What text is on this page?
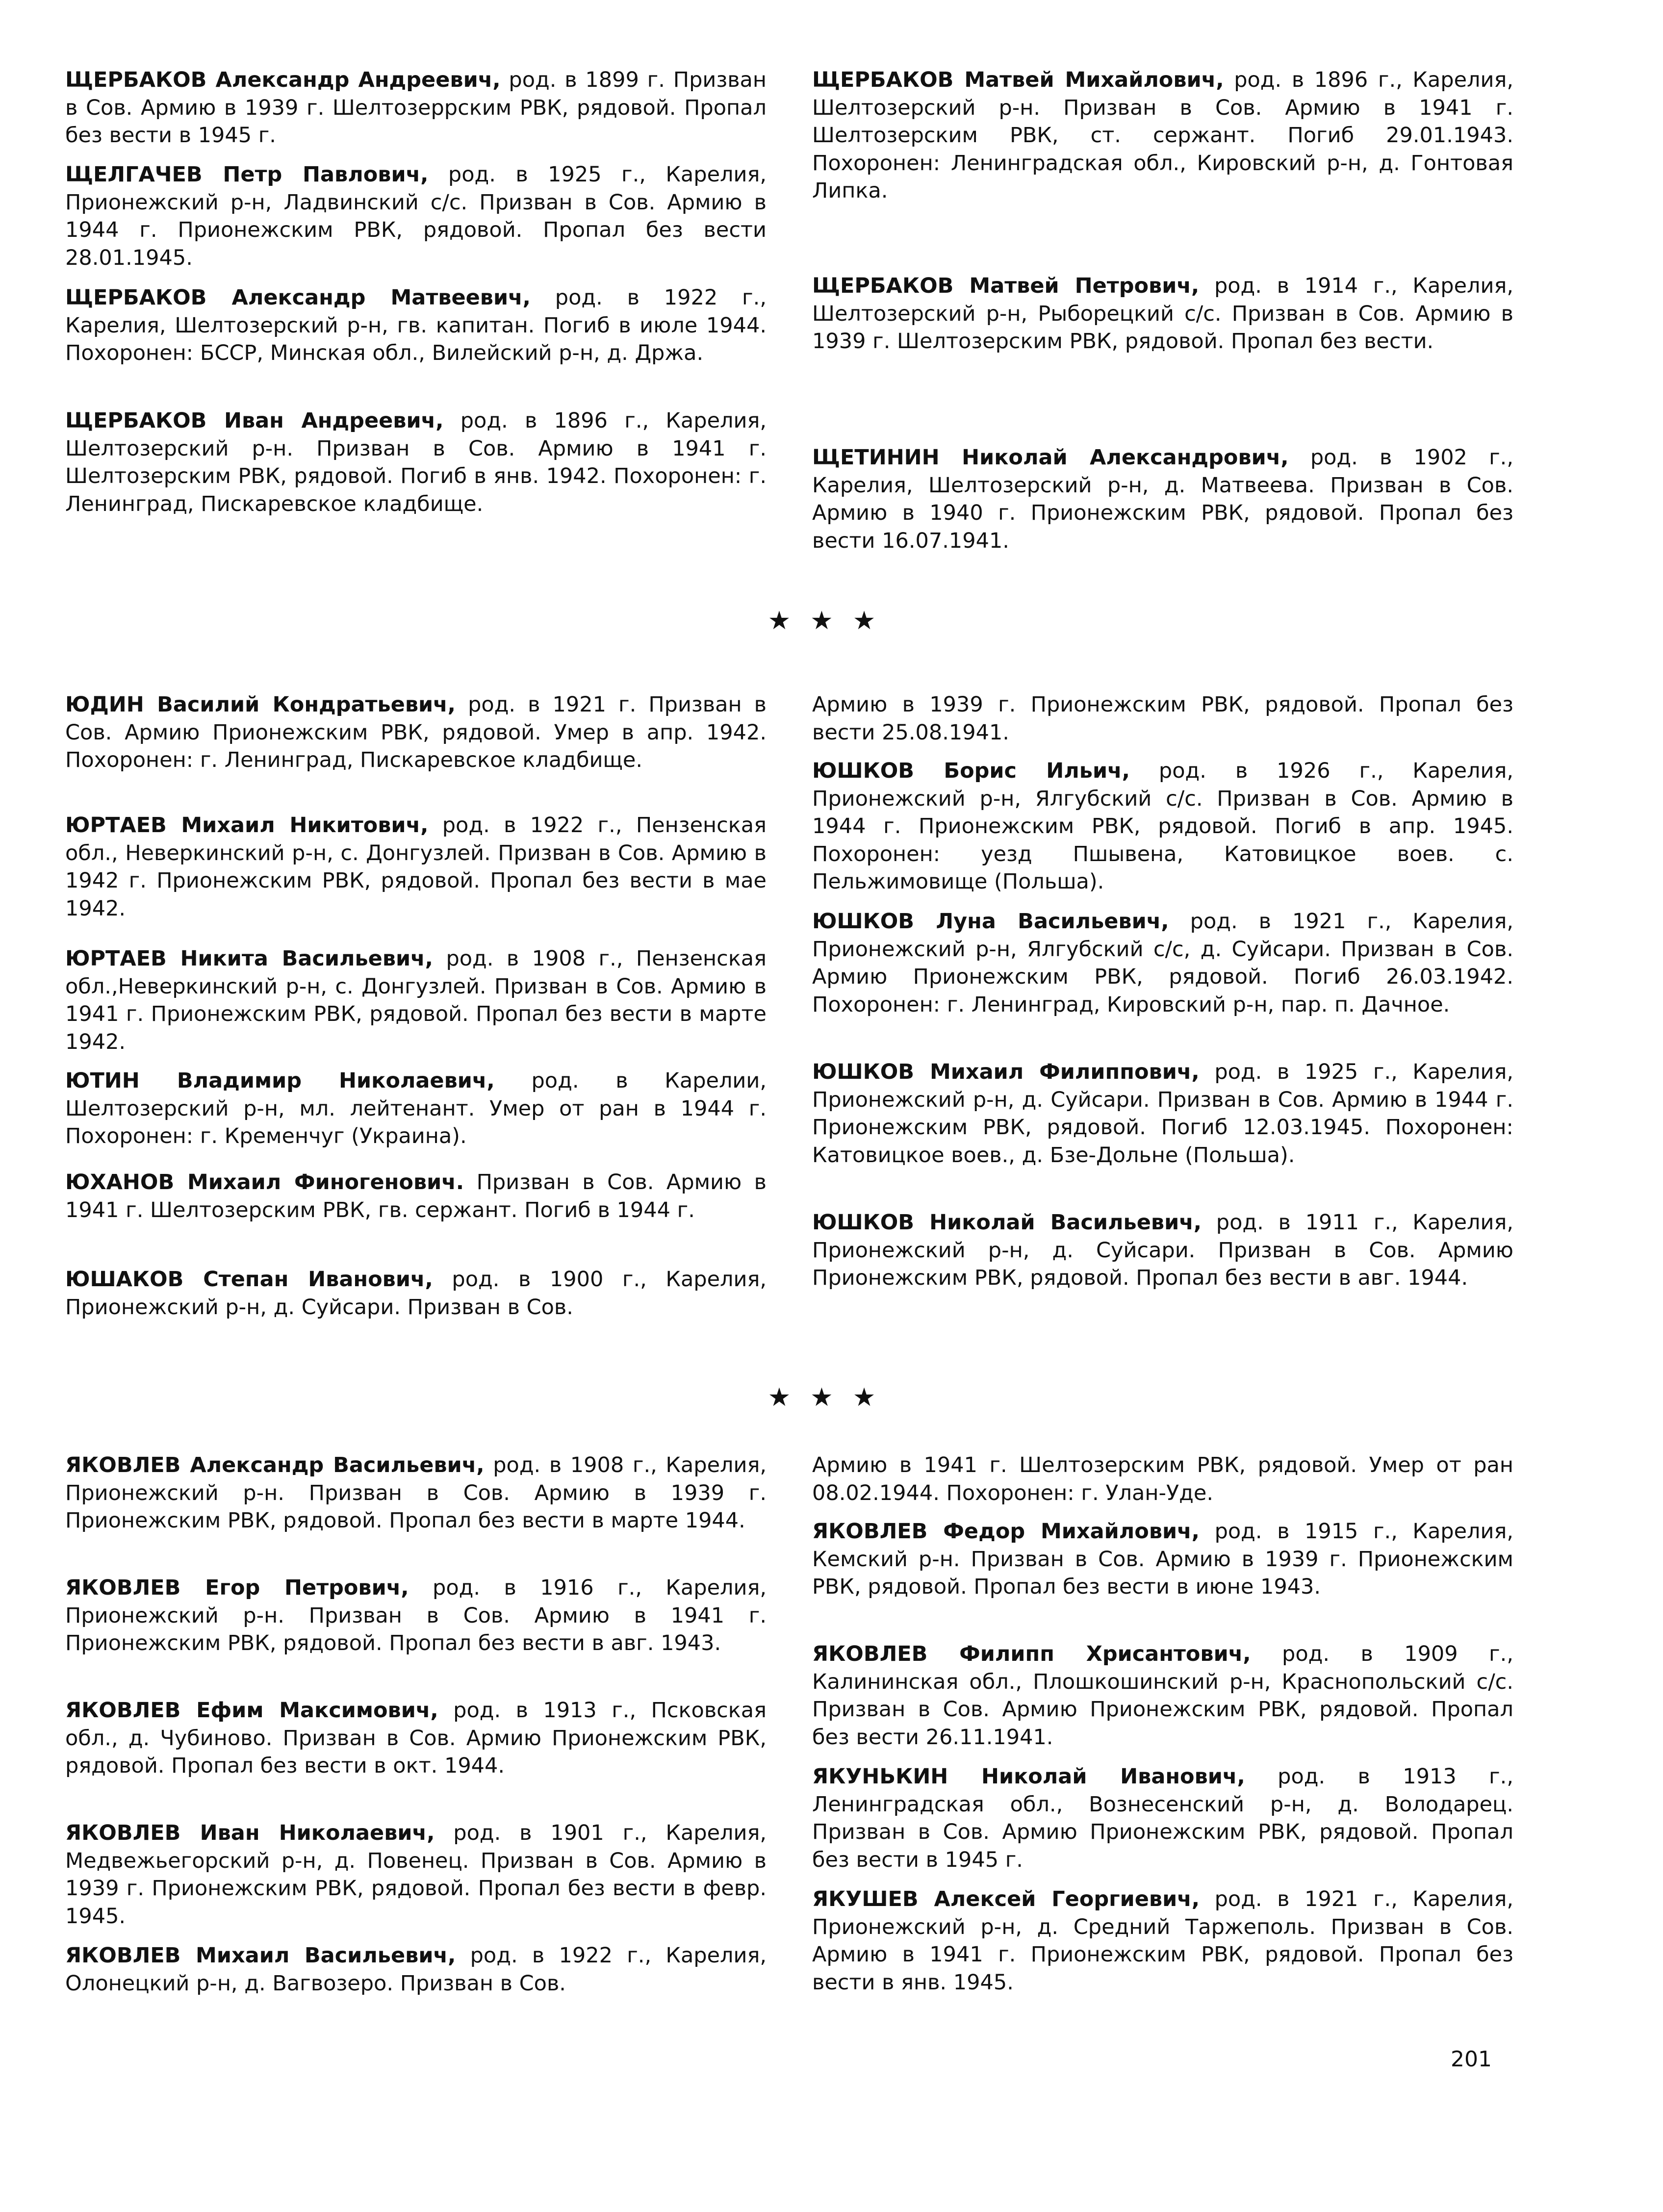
ЩЕРБАКОВ Александр Андреевич, род. в 1899 г. Призван в Сов. Армию в 1939 г. Шелтозеррским РВК, рядовой. Пропал без вести в 1945 г.

ЩЕЛГАЧЕВ Петр Павлович, род. в 1925 г., Карелия, Прионежский р-н, Ладвинский с/с. Призван в Сов. Армию в 1944 г. Прионежским РВК, рядовой. Пропал без вести 28.01.1945.

ЩЕРБАКОВ Александр Матвеевич, род. в 1922 г., Карелия, Шелтозерский р-н, гв. капитан. Погиб в июле 1944. Похоронен: БССР, Минская обл., Вилейский р-н, д. Држа.

ЩЕРБАКОВ Иван Андреевич, род. в 1896 г., Карелия, Шелтозерский р-н. Призван в Сов. Армию в 1941 г. Шелтозерским РВК, рядовой. Погиб в янв. 1942. Похоронен: г. Ленинград, Пискаревское кладбище.

ЩЕРБАКОВ Матвей Михайлович, род. в 1896 г., Карелия, Шелтозерский р-н. Призван в Сов. Армию в 1941 г. Шелтозерским РВК, ст. сержант. Погиб 29.01.1943. Похоронен: Ленинградская обл., Кировский р-н, д. Гонтовая Липка.

ЩЕРБАКОВ Матвей Петрович, род. в 1914 г., Карелия, Шелтозерский р-н, Рыборецкий с/с. Призван в Сов. Армию в 1939 г. Шелтозерским РВК, рядовой. Пропал без вести.

ЩЕТИНИН Николай Александрович, род. в 1902 г., Карелия, Шелтозерский р-н, д. Матвеева. Призван в Сов. Армию в 1940 г. Прионежским РВК, рядовой. Пропал без вести 16.07.1941.

★★★

ЮДИН Василий Кондратьевич, род. в 1921 г. Призван в Сов. Армию Прионежским РВК, рядовой. Умер в апр. 1942. Похоронен: г. Ленинград, Пискаревское кладбище.

ЮРТАЕВ Михаил Никитович, род. в 1922 г., Пензенская обл., Неверкинский р-н, с. Донгузлей. Призван в Сов. Армию в 1942 г. Прионежским РВК, рядовой. Пропал без вести в мае 1942.

ЮРТАЕВ Никита Васильевич, род. в 1908 г., Пензенская обл.,Неверкинский р-н, с. Донгузлей. Призван в Сов. Армию в 1941 г. Прионежским РВК, рядовой. Пропал без вести в марте 1942.

ЮТИН Владимир Николаевич, род. в Карелии, Шелтозерский р-н, мл. лейтенант. Умер от ран в 1944 г. Похоронен: г. Кременчуг (Украина).

ЮХАНОВ Михаил Финогенович. Призван в Сов. Армию в 1941 г. Шелтозерским РВК, гв. сержант. Погиб в 1944 г.

ЮШАКОВ Степан Иванович, род. в 1900 г., Карелия, Прионежский р-н, д. Суйсари. Призван в Сов.

Армию в 1939 г. Прионежским РВК, рядовой. Пропал без вести 25.08.1941.

ЮШКОВ Борис Ильич, род. в 1926 г., Карелия, Прионежский р-н, Ялгубский с/с. Призван в Сов. Армию в 1944 г. Прионежским РВК, рядовой. Погиб в апр. 1945. Похоронен: уезд Пшывена, Катовицкое воев. с. Пельжимовище (Польша).

ЮШКОВ Луна Васильевич, род. в 1921 г., Карелия, Прионежский р-н, Ялгубский с/с, д. Суйсари. Призван в Сов. Армию Прионежским РВК, рядовой. Погиб 26.03.1942. Похоронен: г. Ленинград, Кировский р-н, пар. п. Дачное.

ЮШКОВ Михаил Филиппович, род. в 1925 г., Карелия, Прионежский р-н, д. Суйсари. Призван в Сов. Армию в 1944 г. Прионежским РВК, рядовой. Погиб 12.03.1945. Похоронен: Катовицкое воев., д. Бзе-Дольне (Польша).

ЮШКОВ Николай Васильевич, род. в 1911 г., Карелия, Прионежский р-н, д. Суйсари. Призван в Сов. Армию Прионежским РВК, рядовой. Пропал без вести в авг. 1944.

★★★

ЯКОВЛЕВ Александр Васильевич, род. в 1908 г., Карелия, Прионежский р-н. Призван в Сов. Армию в 1939 г. Прионежским РВК, рядовой. Пропал без вести в марте 1944.

ЯКОВЛЕВ Егор Петрович, род. в 1916 г., Карелия, Прионежский р-н. Призван в Сов. Армию в 1941 г. Прионежским РВК, рядовой. Пропал без вести в авг. 1943.

ЯКОВЛЕВ Ефим Максимович, род. в 1913 г., Псковская обл., д. Чубиново. Призван в Сов. Армию Прионежским РВК, рядовой. Пропал без вести в окт. 1944.

ЯКОВЛЕВ Иван Николаевич, род. в 1901 г., Карелия, Медвежьегорский р-н, д. Повенец. Призван в Сов. Армию в 1939 г. Прионежским РВК, рядовой. Пропал без вести в февр. 1945.

ЯКОВЛЕВ Михаил Васильевич, род. в 1922 г., Карелия, Олонецкий р-н, д. Вагвозеро. Призван в Сов.

Армию в 1941 г. Шелтозерским РВК, рядовой. Умер от ран 08.02.1944. Похоронен: г. Улан-Уде.

ЯКОВЛЕВ Федор Михайлович, род. в 1915 г., Карелия, Кемский р-н. Призван в Сов. Армию в 1939 г. Прионежским РВК, рядовой. Пропал без вести в июне 1943.

ЯКОВЛЕВ Филипп Хрисантович, род. в 1909 г., Калининская обл., Плошкошинский р-н, Краснопольский с/с. Призван в Сов. Армию Прионежским РВК, рядовой. Пропал без вести 26.11.1941.

ЯКУНЬКИН Николай Иванович, род. в 1913 г., Ленинградская обл., Вознесенский р-н, д. Володарец. Призван в Сов. Армию Прионежским РВК, рядовой. Пропал без вести в 1945 г.

ЯКУШЕВ Алексей Георгиевич, род. в 1921 г., Карелия, Прионежский р-н, д. Средний Таржеполь. Призван в Сов. Армию в 1941 г. Прионежским РВК, рядовой. Пропал без вести в янв. 1945.

201
